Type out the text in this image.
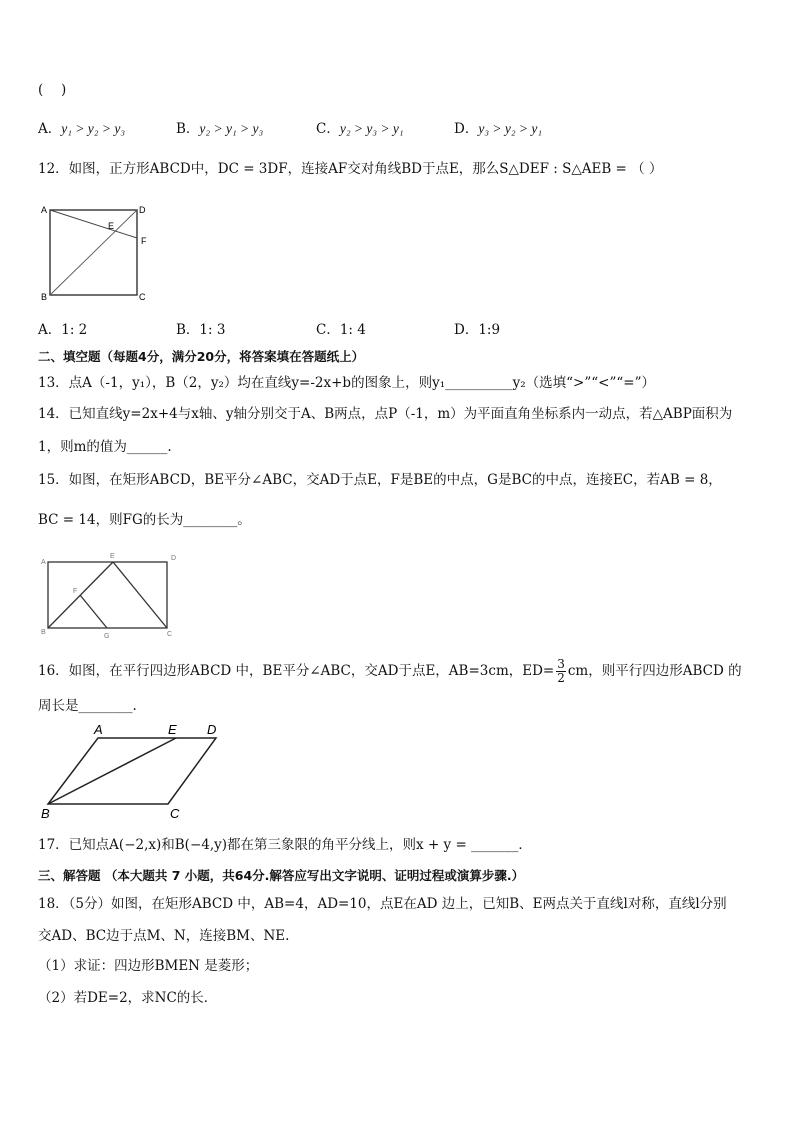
(　 )
A．y₁ > y₂ > y₃	B．y₂ > y₁ > y₃	C．y₂ > y₃ > y₁	D．y₃ > y₂ > y₁
12．如图，正方形ABCD中，DC = 3DF，连接AF交对角线BD于点E，那么S△DEF : S△AEB = （ ）
A	D
E
F
B	C
A．1: 2	B．1: 3	C．1: 4	D．1:9
二、填空题（每题4分，满分20分，将答案填在答题纸上）
13．点A（-1，y₁），B（2，y₂）均在直线y=-2x+b的图象上，则y₁__________y₂（选填“>”“<”“=”）
14．已知直线y=2x+4与x轴、y轴分别交于A、B两点，点P（-1，m）为平面直角坐标系内一动点，若△ABP面积为
1，则m的值为______.
15．如图，在矩形ABCD，BE平分∠ABC，交AD于点E，F是BE的中点，G是BC的中点，连接EC，若AB = 8，
BC = 14，则FG的长为________。
A
E	D
F
B
G	C
16．如图，在平行四边形ABCD 中，BE平分∠ABC，交AD于点E，AB=3cm，$ED= \frac{3}{2}$ cm，则平行四边形ABCD 的
周长是________.
A	E D
B	C
17．已知点A(−2,x)和B(−4,y)都在第三象限的角平分线上，则x + y = _______．
三、解答题 （本大题共 7 小题，共64分.解答应写出文字说明、证明过程或演算步骤.）
18．（5分）如图，在矩形ABCD 中，AB=4，AD=10，点E在AD 边上，已知B、E两点关于直线l对称，直线l分别
交AD、BC边于点M、N，连接BM、NE.
（1）求证：四边形BMEN 是菱形；
（2）若DE=2，求NC的长．
